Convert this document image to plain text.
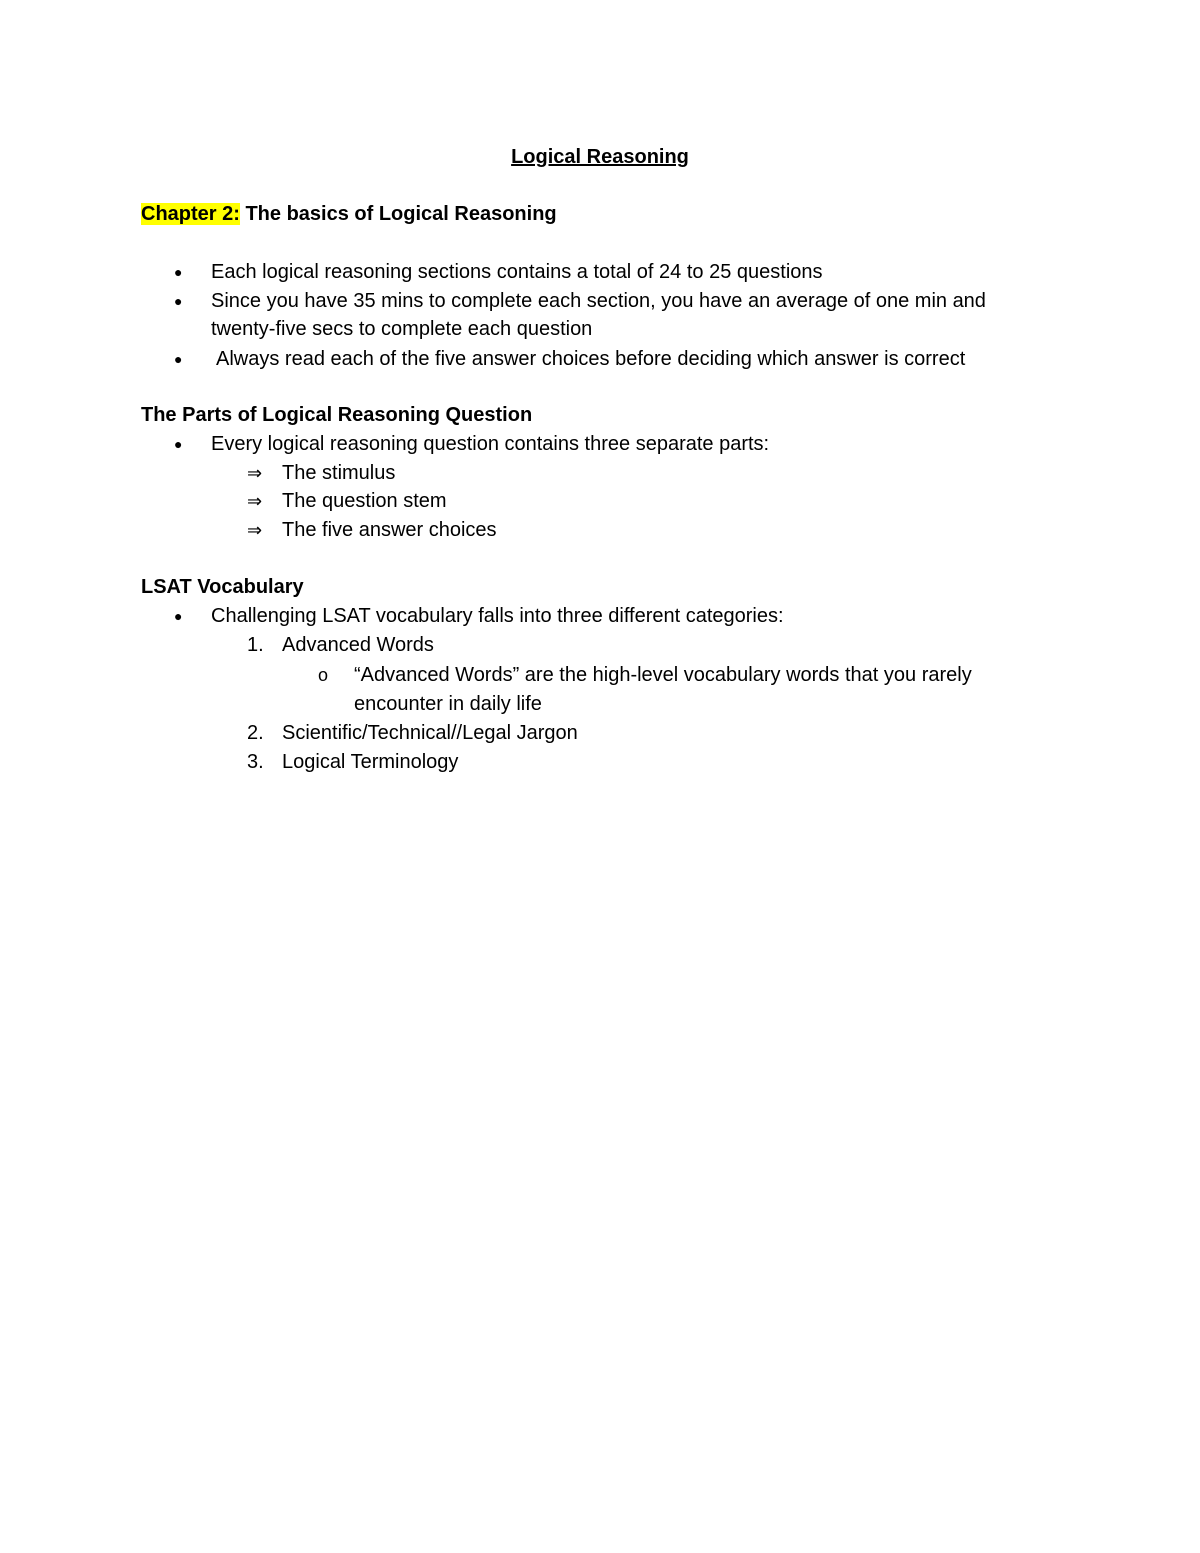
Logical Reasoning
Chapter 2: The basics of Logical Reasoning
● Each logical reasoning sections contains a total of 24 to 25 questions
● Since you have 35 mins to complete each section, you have an average of one min and
twenty-five secs to complete each question
● Always read each of the five answer choices before deciding which answer is correct
The Parts of Logical Reasoning Question
● Every logical reasoning question contains three separate parts:
⇒ The stimulus
⇒ The question stem
⇒ The five answer choices
LSAT Vocabulary
● Challenging LSAT vocabulary falls into three different categories:
1. Advanced Words
o “Advanced Words” are the high-level vocabulary words that you rarely
encounter in daily life
2. Scientific/Technical//Legal Jargon
3. Logical Terminology
